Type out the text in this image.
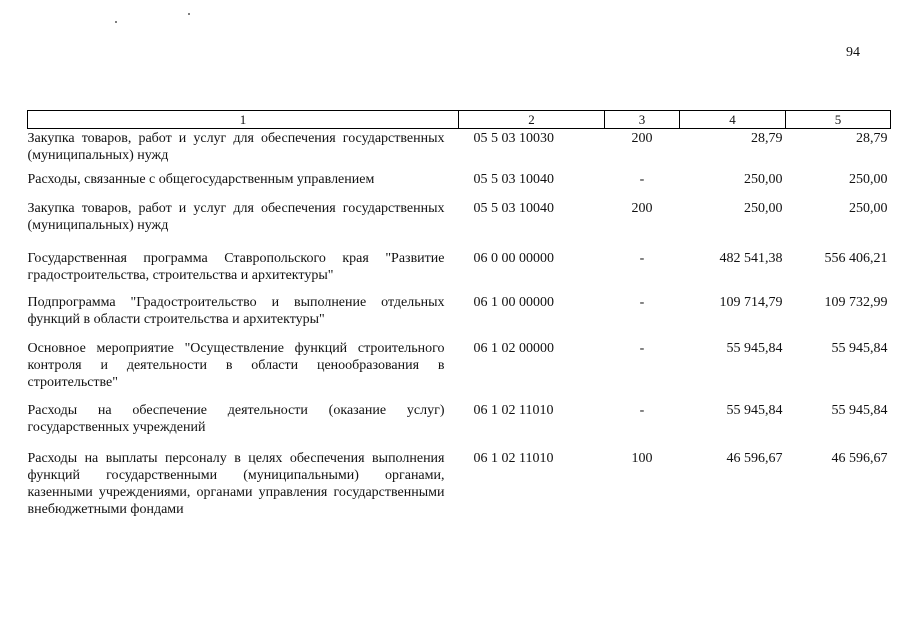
94
1	2	3	4	5
Закупка товаров, работ и услуг для обеспечения государственных (муниципальных) нужд	05 5 03 10030	200	28,79	28,79
Расходы, связанные с общегосударственным управлением	05 5 03 10040	-	250,00	250,00
Закупка товаров, работ и услуг для обеспечения государственных (муниципальных) нужд	05 5 03 10040	200	250,00	250,00
Государственная программа Ставропольского края "Развитие градостроительства, строительства и архитектуры"	06 0 00 00000	-	482 541,38	556 406,21
Подпрограмма "Градостроительство и выполнение отдельных функций в области строительства и архитектуры"	06 1 00 00000	-	109 714,79	109 732,99
Основное мероприятие "Осуществление функций строительного контроля и деятельности в области ценообразования в строительстве"	06 1 02 00000	-	55 945,84	55 945,84
Расходы на обеспечение деятельности (оказание услуг) государственных учреждений	06 1 02 11010	-	55 945,84	55 945,84
Расходы на выплаты персоналу в целях обеспечения выполнения функций государственными (муниципальными) органами, казенными учреждениями, органами управления государственными внебюджетными фондами	06 1 02 11010	100	46 596,67	46 596,67
